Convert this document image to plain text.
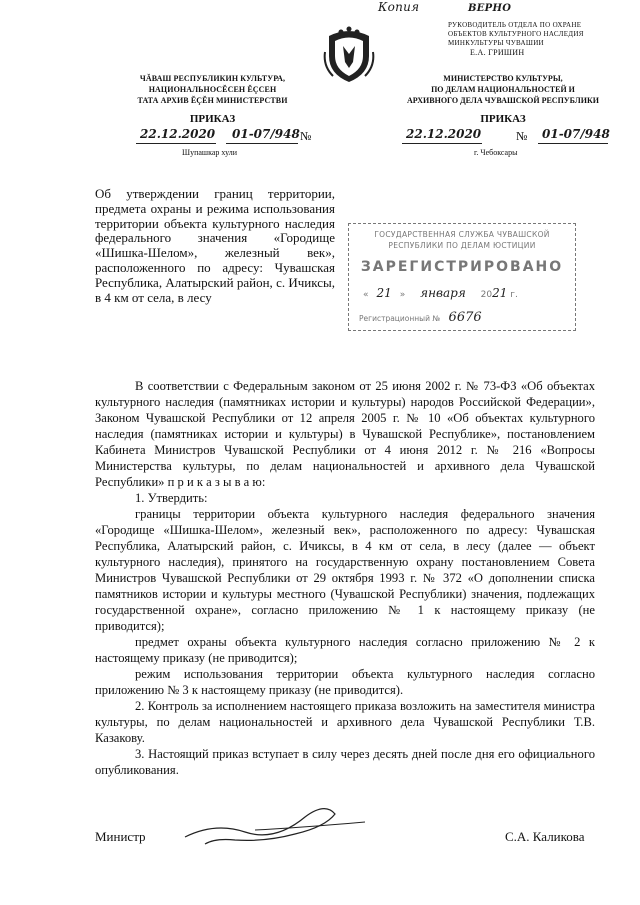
Копия	ВЕРНО
РУКОВОДИТЕЛЬ ОТДЕЛА ПО ОХРАНЕ
ОБЪЕКТОВ КУЛЬТУРНОГО НАСЛЕДИЯ
МИНКУЛЬТУРЫ ЧУВАШИИ
Е.А. ГРИШИН
ЧĂВАШ РЕСПУБЛИКИН КУЛЬТУРА,
НАЦИОНАЛЬНОСĔСЕН ĔÇСЕН
ТАТА АРХИВ ĔÇĔН МИНИСТЕРСТВИ
МИНИСТЕРСТВО КУЛЬТУРЫ,
ПО ДЕЛАМ НАЦИОНАЛЬНОСТЕЙ И
АРХИВНОГО ДЕЛА ЧУВАШСКОЙ РЕСПУБЛИКИ
ПРИКАЗ	ПРИКАЗ
22.12.2020 01-07/948 №
Шупашкар хули
22.12.2020	№ 01-07/948
г. Чебоксары
Об утверждении границ территории, предмета охраны и режима использования территории объекта культурного наследия федерального значения «Городище «Шишка-Шелом», железный век», расположенного по адресу: Чувашская Республика, Алатырский район, с. Ичиксы, в 4 км от села, в лесу
ГОСУДАРСТВЕННАЯ СЛУЖБА ЧУВАШСКОЙ
РЕСПУБЛИКИ ПО ДЕЛАМ ЮСТИЦИИ
ЗАРЕГИСТРИРОВАНО
« 21 » января 2021 г.
Регистрационный № 6676

В соответствии с Федеральным законом от 25 июня 2002 г. № 73-ФЗ «Об объектах культурного наследия (памятниках истории и культуры) народов Российской Федерации», Законом Чувашской Республики от 12 апреля 2005 г. № 10 «Об объектах культурного наследия (памятниках истории и культуры) в Чувашской Республике», постановлением Кабинета Министров Чувашской Республики от 4 июня 2012 г. № 216 «Вопросы Министерства культуры, по делам национальностей и архивного дела Чувашской Республики» п р и к а з ы в а ю:

1. Утвердить:

границы территории объекта культурного наследия федерального значения «Городище «Шишка-Шелом», железный век», расположенного по адресу: Чувашская Республика, Алатырский район, с. Ичиксы, в 4 км от села, в лесу (далее — объект культурного наследия), принятого на государственную охрану постановлением Совета Министров Чувашской Республики от 29 октября 1993 г. № 372 «О дополнении списка памятников истории и культуры местного (Чувашской Республики) значения, подлежащих государственной охране», согласно приложению № 1 к настоящему приказу (не приводится);

предмет охраны объекта культурного наследия согласно приложению № 2 к настоящему приказу (не приводится);

режим использования территории объекта культурного наследия согласно приложению № 3 к настоящему приказу (не приводится).

2. Контроль за исполнением настоящего приказа возложить на заместителя министра культуры, по делам национальностей и архивного дела Чувашской Республики Т.В. Казакову.

3. Настоящий приказ вступает в силу через десять дней после дня его официального опубликования.

Министр	С.А. Каликова
